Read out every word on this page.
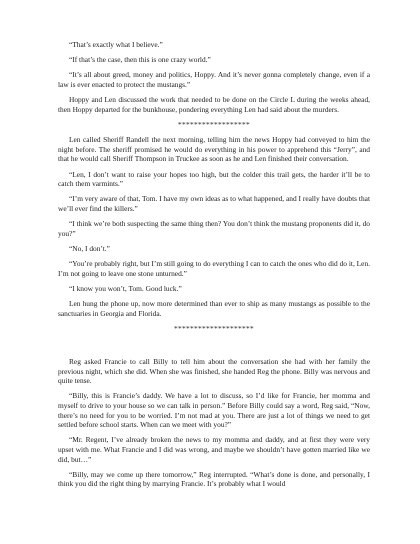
“That’s exactly what I believe.”

“If that’s the case, then this is one crazy world.”

“It’s all about greed, money and politics, Hoppy. And it’s never gonna completely change, even if a law is ever enacted to protect the mustangs.”

Hoppy and Len discussed the work that needed to be done on the Circle L during the weeks ahead, then Hoppy departed for the bunkhouse, pondering everything Len had said about the murders.

******************

Len called Sheriff Randell the next morning, telling him the news Hoppy had conveyed to him the night before. The sheriff promised he would do everything in his power to apprehend this “Jerry”, and that he would call Sheriff Thompson in Truckee as soon as he and Len finished their conversation.

“Len, I don’t want to raise your hopes too high, but the colder this trail gets, the harder it’ll be to catch them varmints.”

“I’m very aware of that, Tom. I have my own ideas as to what happened, and I really have doubts that we’ll ever find the killers.”

“I think we’re both suspecting the same thing then? You don’t think the mustang proponents did it, do you?”

“No, I don’t.”

“You’re probably right, but I’m still going to do everything I can to catch the ones who did do it, Len. I’m not going to leave one stone unturned.”

“I know you won’t, Tom. Good luck.”

Len hung the phone up, now more determined than ever to ship as many mustangs as possible to the sanctuaries in Georgia and Florida.

********************

Reg asked Francie to call Billy to tell him about the conversation she had with her family the previous night, which she did. When she was finished, she handed Reg the phone. Billy was nervous and quite tense.

“Billy, this is Francie’s daddy. We have a lot to discuss, so I’d like for Francie, her momma and myself to drive to your house so we can talk in person.” Before Billy could say a word, Reg said, “Now, there’s no need for you to be worried. I’m not mad at you. There are just a lot of things we need to get settled before school starts. When can we meet with you?”

“Mr. Regent, I’ve already broken the news to my momma and daddy, and at first they were very upset with me. What Francie and I did was wrong, and maybe we shouldn’t have gotten married like we did, but…”

“Billy, may we come up there tomorrow,” Reg interrupted. “What’s done is done, and personally, I think you did the right thing by marrying Francie. It’s probably what I would
